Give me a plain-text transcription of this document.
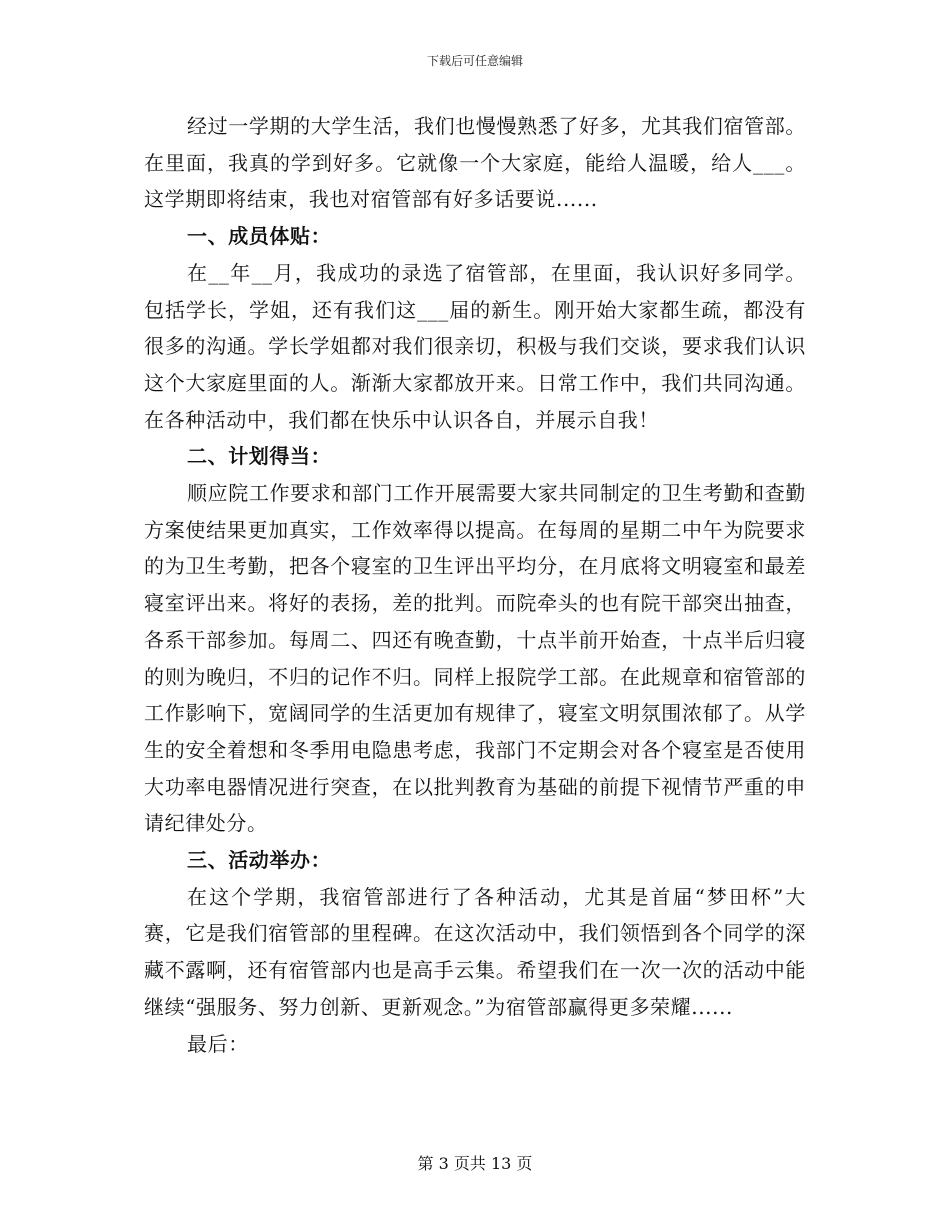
下载后可任意编辑

经过一学期的大学生活，我们也慢慢熟悉了好多，尤其我们宿管部。在里面，我真的学到好多。它就像一个大家庭，能给人温暖，给人___。这学期即将结束，我也对宿管部有好多话要说......

一、成员体贴：

在__年__月，我成功的录选了宿管部，在里面，我认识好多同学。包括学长，学姐，还有我们这___届的新生。刚开始大家都生疏，都没有很多的沟通。学长学姐都对我们很亲切，积极与我们交谈，要求我们认识这个大家庭里面的人。渐渐大家都放开来。日常工作中，我们共同沟通。在各种活动中，我们都在快乐中认识各自，并展示自我！

二、计划得当：

顺应院工作要求和部门工作开展需要大家共同制定的卫生考勤和查勤方案使结果更加真实，工作效率得以提高。在每周的星期二中午为院要求的为卫生考勤，把各个寝室的卫生评出平均分，在月底将文明寝室和最差寝室评出来。将好的表扬，差的批判。而院牵头的也有院干部突出抽查，各系干部参加。每周二、四还有晚查勤，十点半前开始查，十点半后归寝的则为晚归，不归的记作不归。同样上报院学工部。在此规章和宿管部的工作影响下，宽阔同学的生活更加有规律了，寝室文明氛围浓郁了。从学生的安全着想和冬季用电隐患考虑，我部门不定期会对各个寝室是否使用大功率电器情况进行突查，在以批判教育为基础的前提下视情节严重的申请纪律处分。

三、活动举办：

在这个学期，我宿管部进行了各种活动，尤其是首届“梦田杯”大赛，它是我们宿管部的里程碑。在这次活动中，我们领悟到各个同学的深藏不露啊，还有宿管部内也是高手云集。希望我们在一次一次的活动中能继续“强服务、努力创新、更新观念。”为宿管部赢得更多荣耀......

最后：

第 3 页共 13 页
